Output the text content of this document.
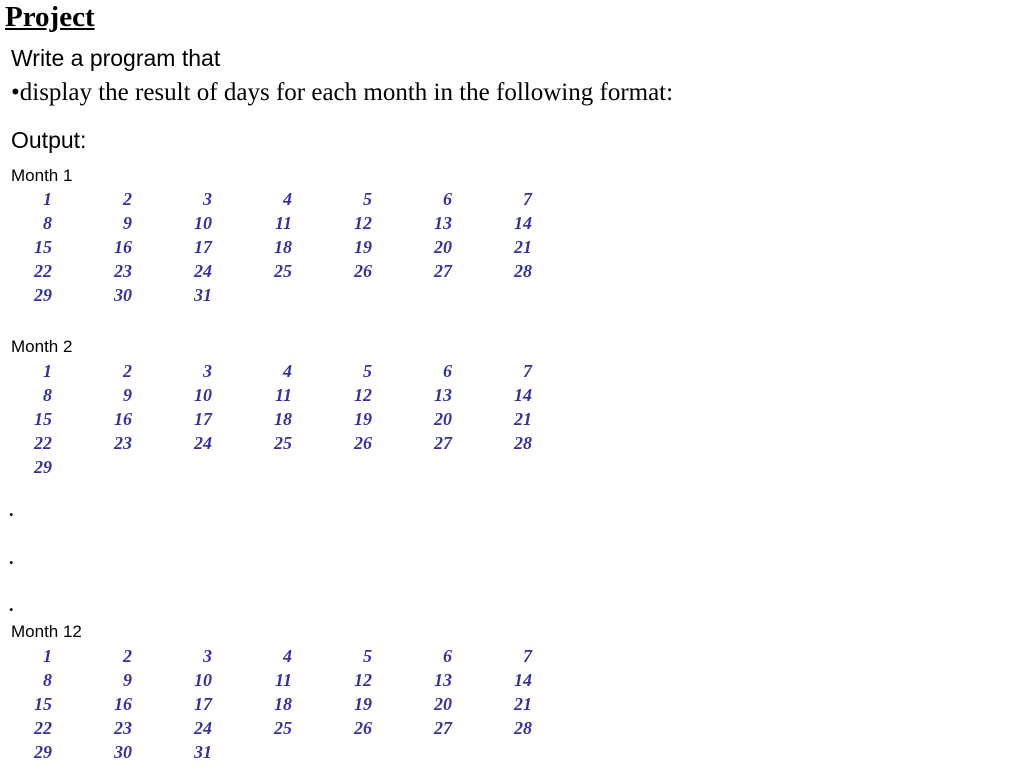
Project
Write a program that
•display the result of days for each month in the following format:
Output:
Month 1
1	2	3	4	5	6	7
8	9	10	11	12	13	14
15	16	17	18	19	20	21
22	23	24	25	26	27	28
29	30	31
Month 2
1	2	3	4	5	6	7
8	9	10	11	12	13	14
15	16	17	18	19	20	21
22	23	24	25	26	27	28
29
.
.
.
Month 12
1	2	3	4	5	6	7
8	9	10	11	12	13	14
15	16	17	18	19	20	21
22	23	24	25	26	27	28
29	30	31
